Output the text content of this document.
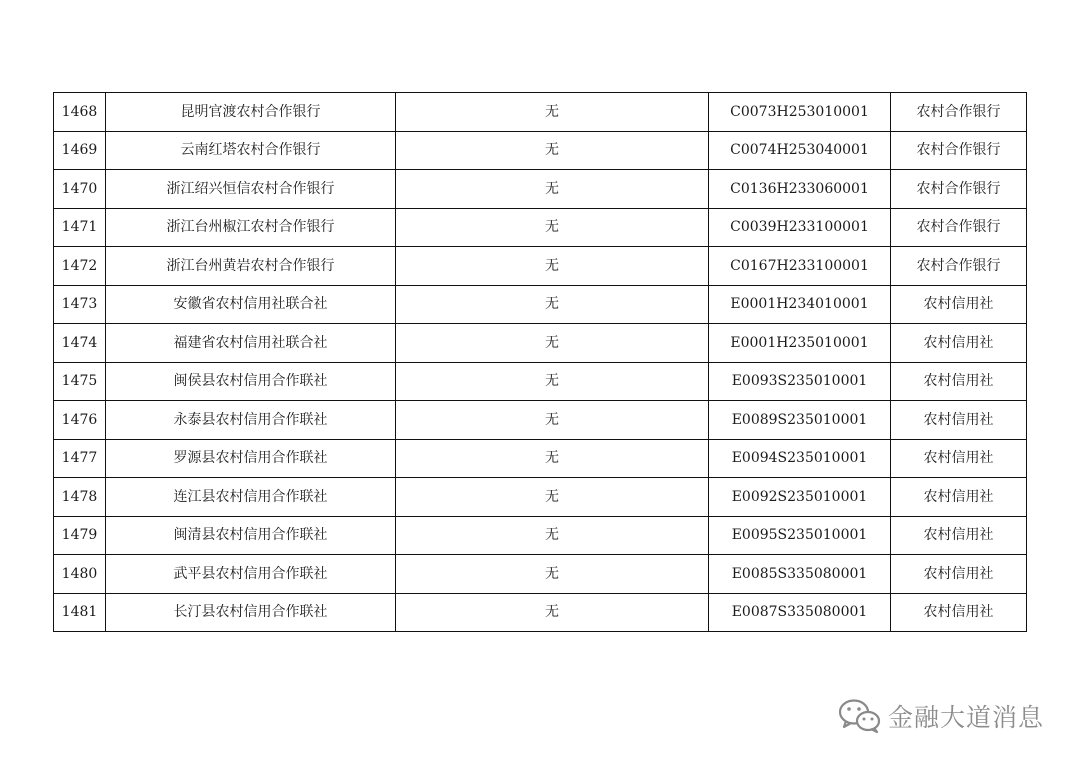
1468	昆明官渡农村合作银行	无	C0073H253010001	农村合作银行
1469	云南红塔农村合作银行	无	C0074H253040001	农村合作银行
1470	浙江绍兴恒信农村合作银行	无	C0136H233060001	农村合作银行
1471	浙江台州椒江农村合作银行	无	C0039H233100001	农村合作银行
1472	浙江台州黄岩农村合作银行	无	C0167H233100001	农村合作银行
1473	安徽省农村信用社联合社	无	E0001H234010001	农村信用社
1474	福建省农村信用社联合社	无	E0001H235010001	农村信用社
1475	闽侯县农村信用合作联社	无	E0093S235010001	农村信用社
1476	永泰县农村信用合作联社	无	E0089S235010001	农村信用社
1477	罗源县农村信用合作联社	无	E0094S235010001	农村信用社
1478	连江县农村信用合作联社	无	E0092S235010001	农村信用社
1479	闽清县农村信用合作联社	无	E0095S235010001	农村信用社
1480	武平县农村信用合作联社	无	E0085S335080001	农村信用社
1481	长汀县农村信用合作联社	无	E0087S335080001	农村信用社
金融大道消息
